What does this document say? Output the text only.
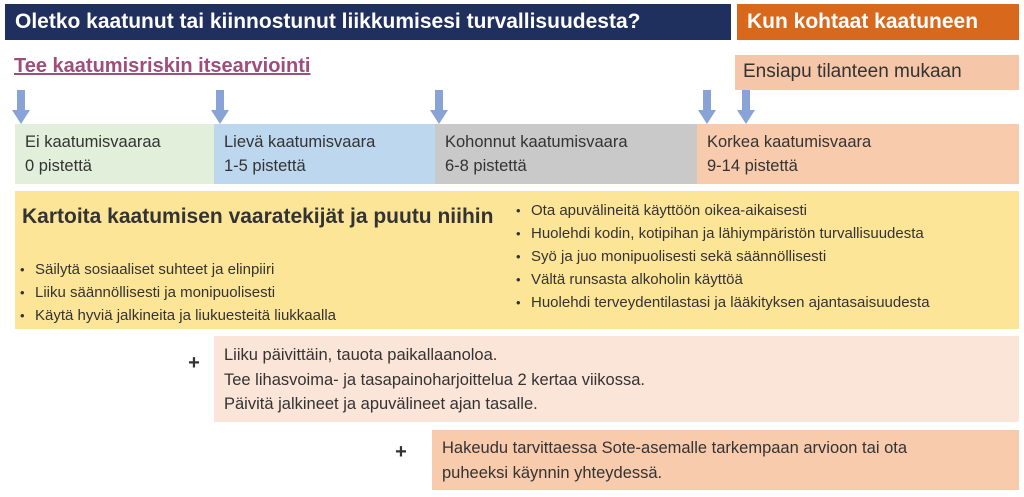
Oletko kaatunut tai kiinnostunut liikkumisesi turvallisuudesta?	Kun kohtaat kaatuneen
Tee kaatumisriskin itsearviointi	Ensiapu tilanteen mukaan
Ei kaatumisvaaraa
0 pistettä
Lievä kaatumisvaara
1-5 pistettä
Kohonnut kaatumisvaara
6-8 pistettä
Korkea kaatumisvaara
9-14 pistettä
Kartoita kaatumisen vaaratekijät ja puutu niihin
• Säilytä sosiaaliset suhteet ja elinpiiri
• Liiku säännöllisesti ja monipuolisesti
• Käytä hyviä jalkineita ja liukuesteitä liukkaalla
• Ota apuvälineitä käyttöön oikea-aikaisesti
• Huolehdi kodin, kotipihan ja lähiympäristön turvallisuudesta
• Syö ja juo monipuolisesti sekä säännöllisesti
• Vältä runsasta alkoholin käyttöä
• Huolehdi terveydentilastasi ja lääkityksen ajantasaisuudesta
+
+
Liiku päivittäin, tauota paikallaanoloa.
Tee lihasvoima- ja tasapainoharjoittelua 2 kertaa viikossa.
Päivitä jalkineet ja apuvälineet ajan tasalle.
Hakeudu tarvittaessa Sote-asemalle tarkempaan arvioon tai ota
puheeksi käynnin yhteydessä.
